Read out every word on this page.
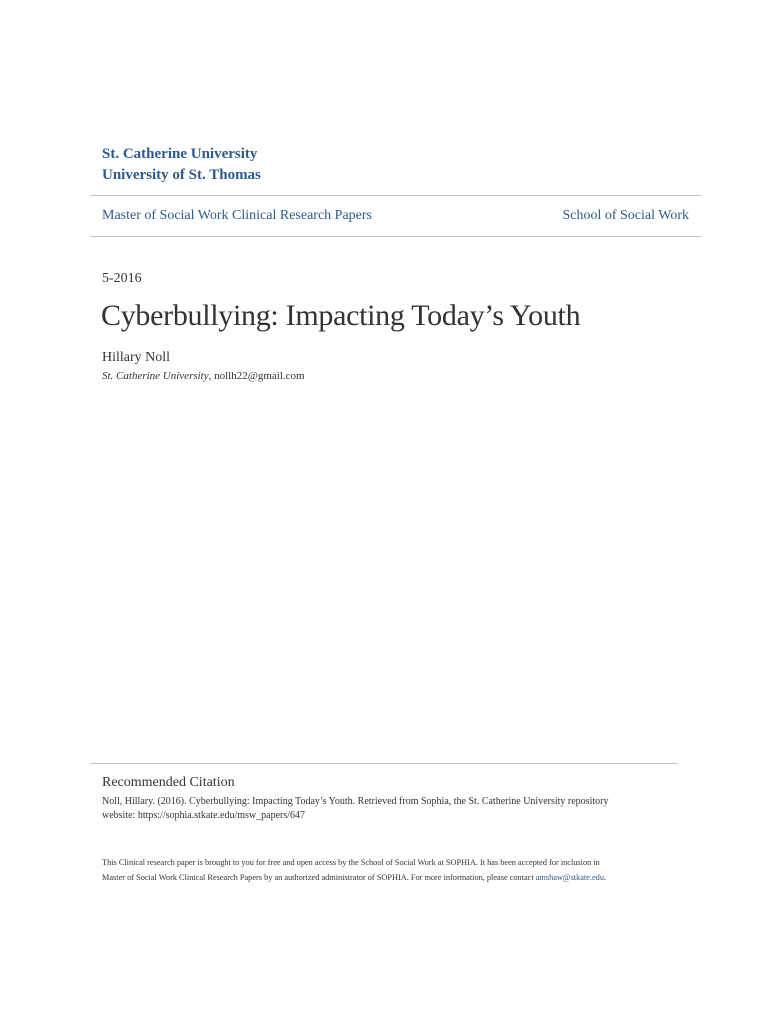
St. Catherine University
University of St. Thomas
Master of Social Work Clinical Research Papers	School of Social Work
5-2016
Cyberbullying: Impacting Today’s Youth
Hillary Noll
St. Catherine University, nollh22@gmail.com
Recommended Citation
Noll, Hillary. (2016). Cyberbullying: Impacting Today’s Youth. Retrieved from Sophia, the St. Catherine University repository
website: https://sophia.stkate.edu/msw_papers/647
This Clinical research paper is brought to you for free and open access by the School of Social Work at SOPHIA. It has been accepted for inclusion in
Master of Social Work Clinical Research Papers by an authorized administrator of SOPHIA. For more information, please contact amshaw@stkate.edu.
